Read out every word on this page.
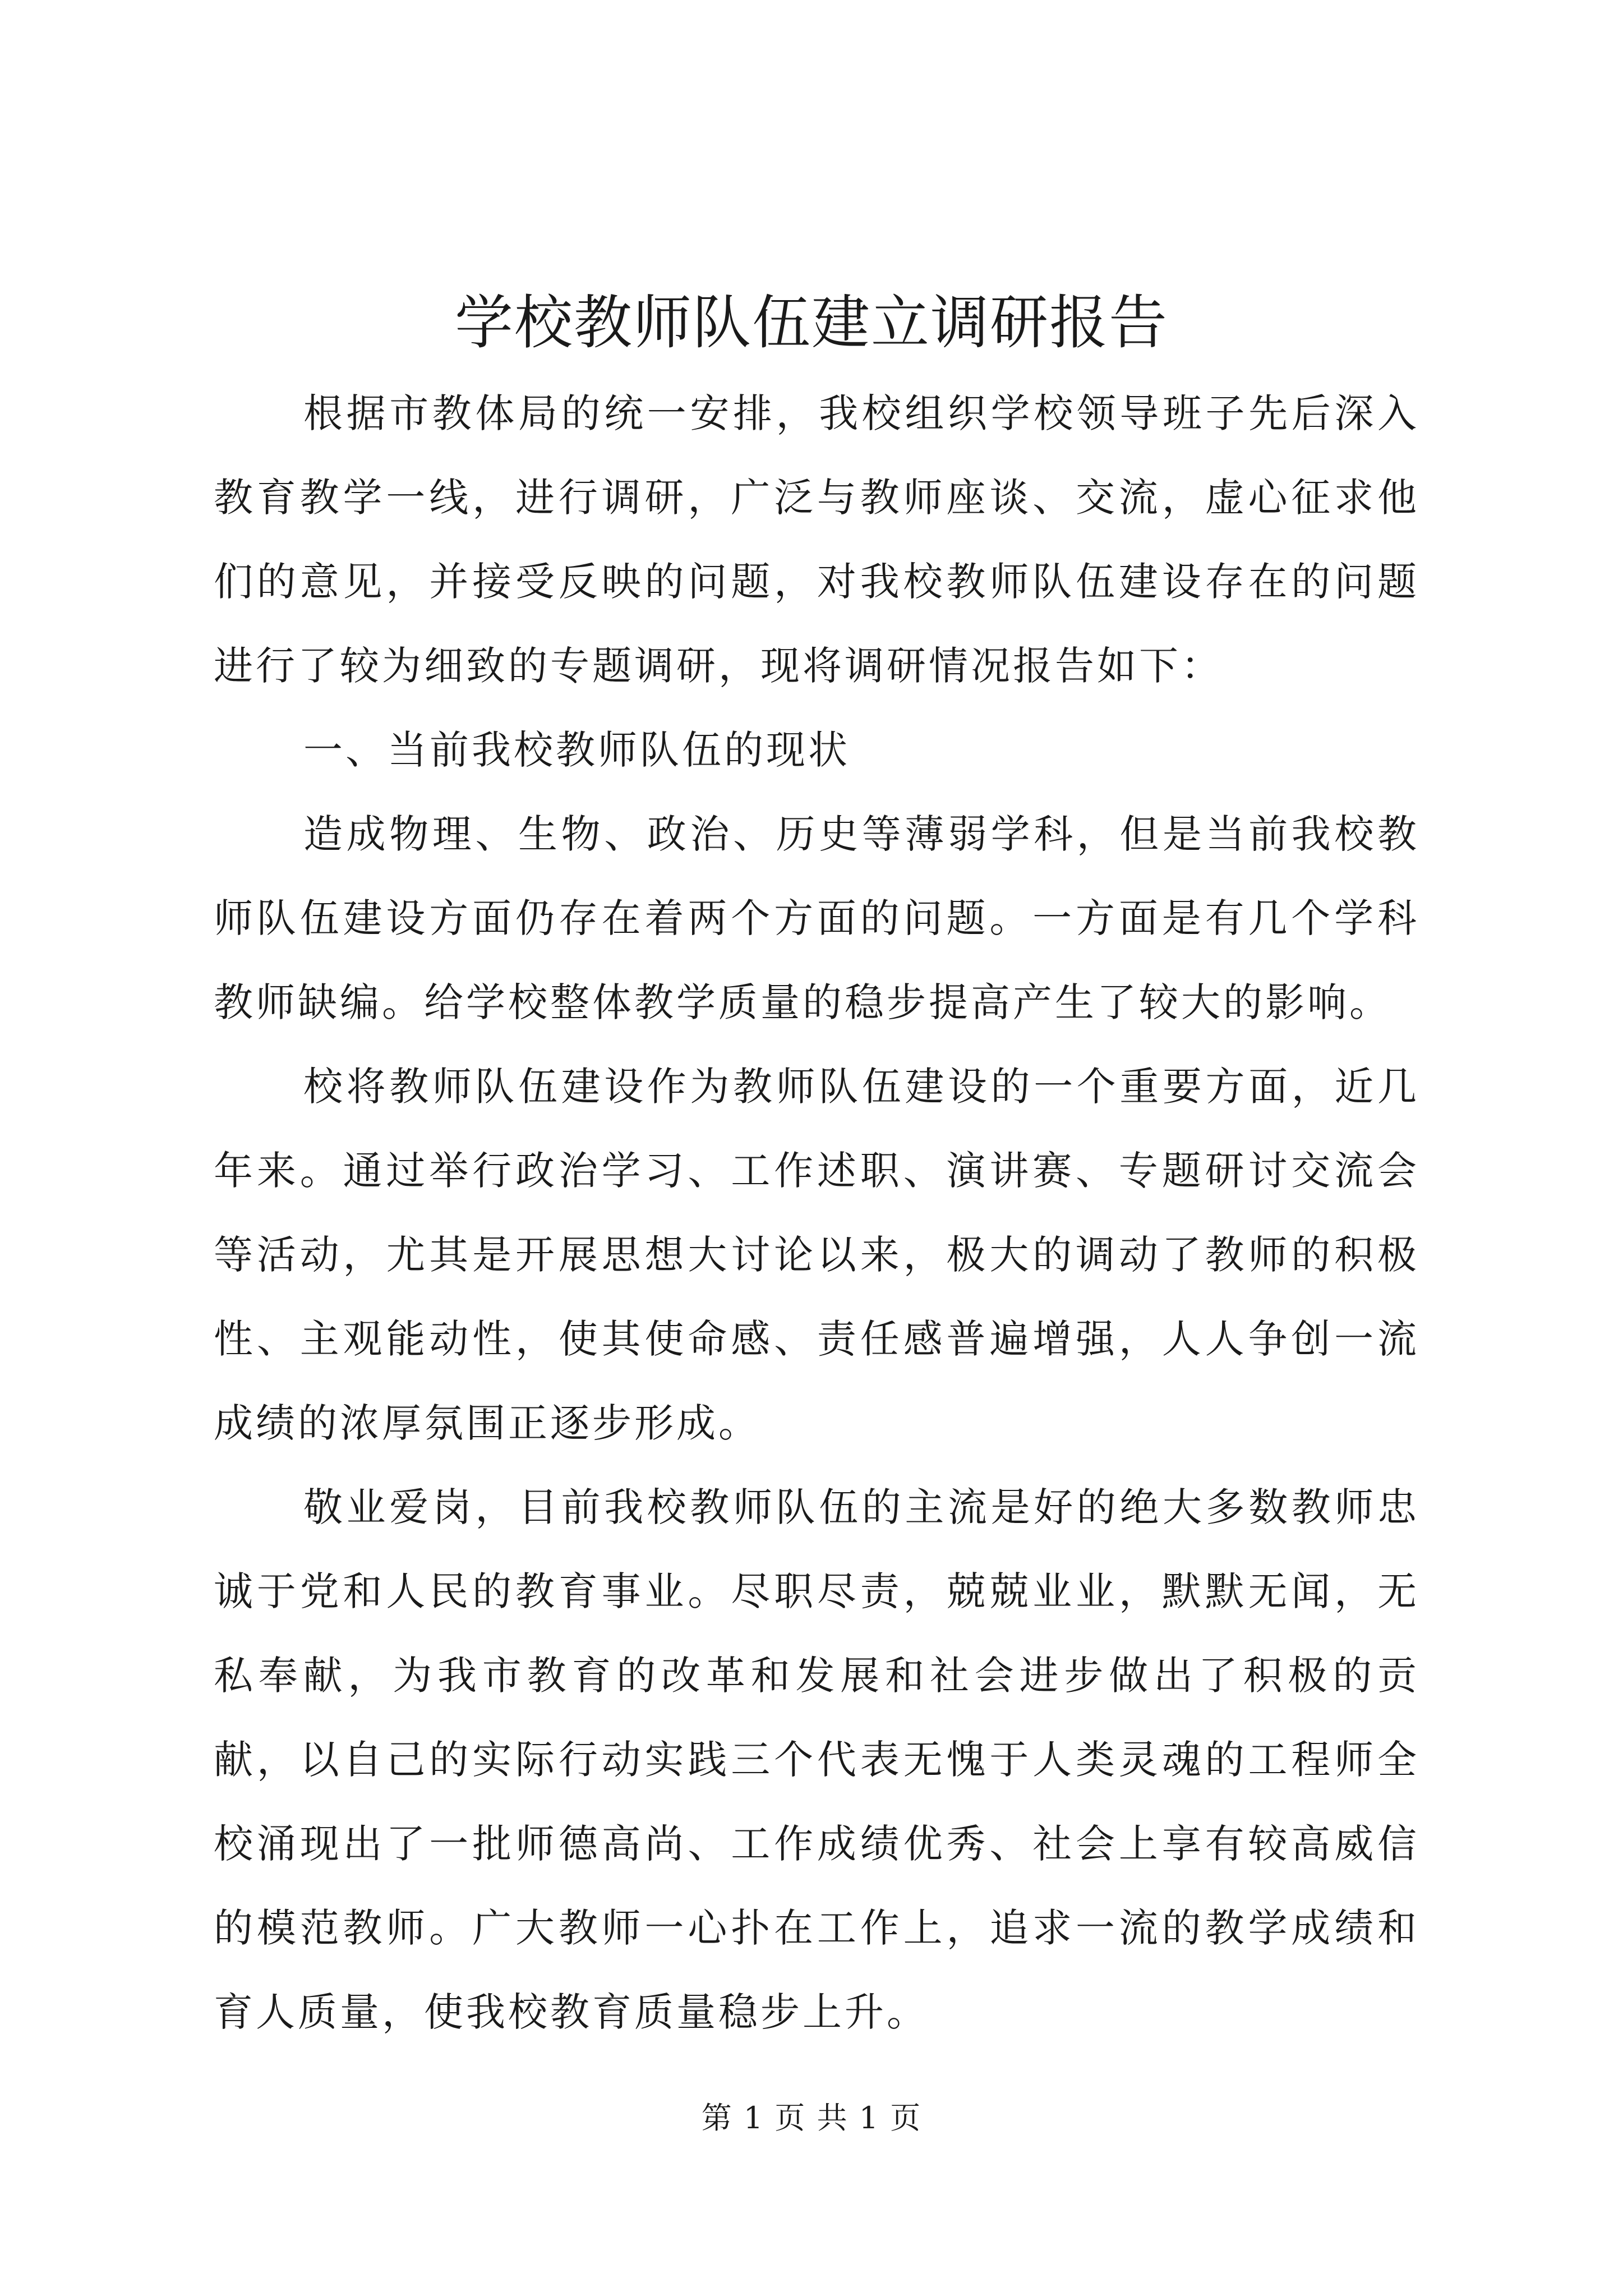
学校教师队伍建立调研报告

根据市教体局的统一安排，我校组织学校领导班子先后深入教育教学一线，进行调研，广泛与教师座谈、交流，虚心征求他们的意见，并接受反映的问题，对我校教师队伍建设存在的问题进行了较为细致的专题调研，现将调研情况报告如下：

一、当前我校教师队伍的现状

造成物理、生物、政治、历史等薄弱学科，但是当前我校教师队伍建设方面仍存在着两个方面的问题。一方面是有几个学科教师缺编。给学校整体教学质量的稳步提高产生了较大的影响。

校将教师队伍建设作为教师队伍建设的一个重要方面，近几年来。通过举行政治学习、工作述职、演讲赛、专题研讨交流会等活动，尤其是开展思想大讨论以来，极大的调动了教师的积极性、主观能动性，使其使命感、责任感普遍增强，人人争创一流成绩的浓厚氛围正逐步形成。

敬业爱岗，目前我校教师队伍的主流是好的绝大多数教师忠诚于党和人民的教育事业。尽职尽责，兢兢业业，默默无闻，无私奉献，为我市教育的改革和发展和社会进步做出了积极的贡献，以自己的实际行动实践三个代表无愧于人类灵魂的工程师全校涌现出了一批师德高尚、工作成绩优秀、社会上享有较高威信的模范教师。广大教师一心扑在工作上，追求一流的教学成绩和育人质量，使我校教育质量稳步上升。

第 1 页 共 1 页
